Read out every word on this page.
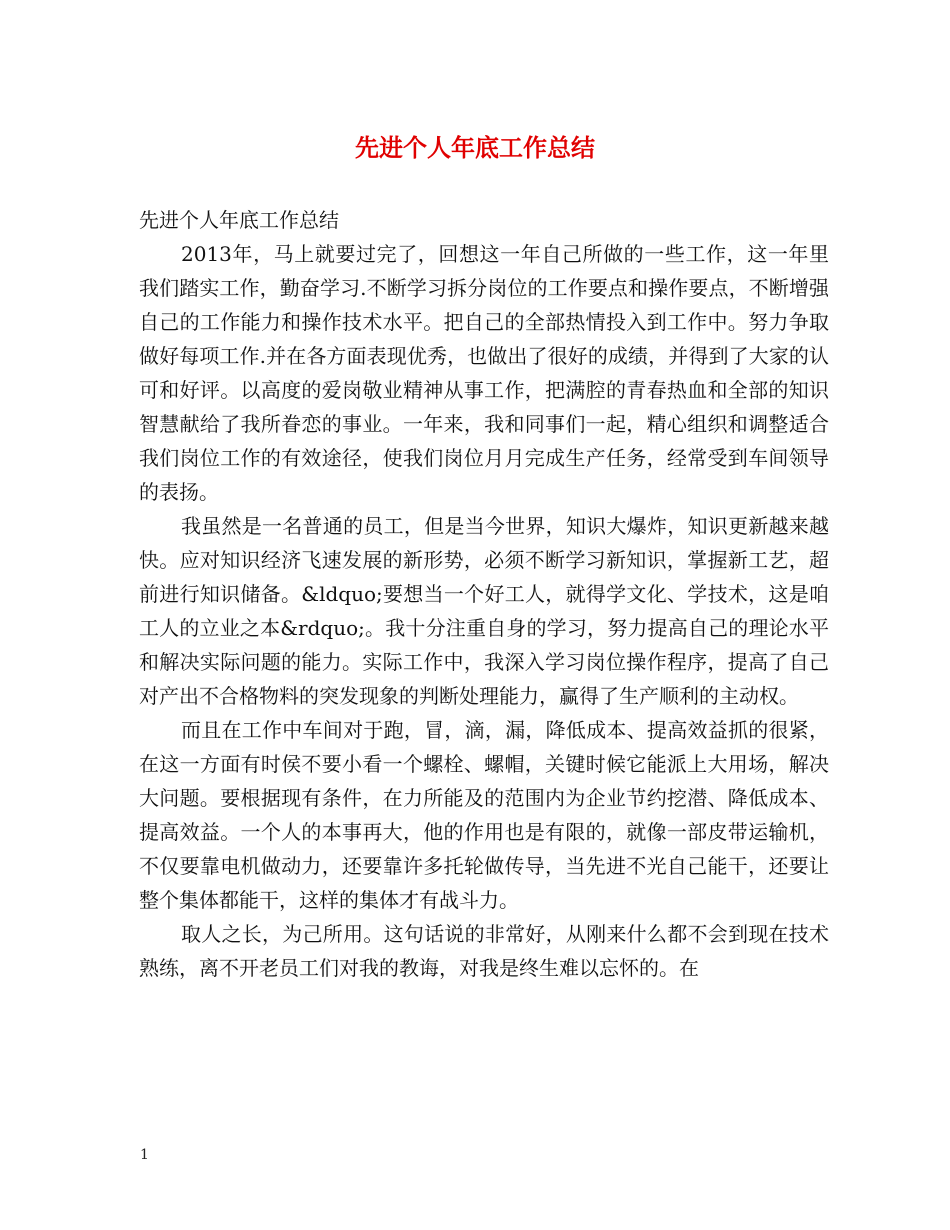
先进个人年底工作总结

先进个人年底工作总结

2013年，马上就要过完了，回想这一年自己所做的一些工作，这一年里我们踏实工作，勤奋学习.不断学习拆分岗位的工作要点和操作要点，不断增强自己的工作能力和操作技术水平。把自己的全部热情投入到工作中。努力争取做好每项工作.并在各方面表现优秀，也做出了很好的成绩，并得到了大家的认可和好评。以高度的爱岗敬业精神从事工作，把满腔的青春热血和全部的知识智慧献给了我所眷恋的事业。一年来，我和同事们一起，精心组织和调整适合我们岗位工作的有效途径，使我们岗位月月完成生产任务，经常受到车间领导的表扬。

我虽然是一名普通的员工，但是当今世界，知识大爆炸，知识更新越来越快。应对知识经济飞速发展的新形势，必须不断学习新知识，掌握新工艺，超前进行知识储备。&ldquo;要想当一个好工人，就得学文化、学技术，这是咱工人的立业之本&rdquo;。我十分注重自身的学习，努力提高自己的理论水平和解决实际问题的能力。实际工作中，我深入学习岗位操作程序，提高了自己对产出不合格物料的突发现象的判断处理能力，赢得了生产顺利的主动权。

而且在工作中车间对于跑，冒，滴，漏，降低成本、提高效益抓的很紧，在这一方面有时侯不要小看一个螺栓、螺帽，关键时候它能派上大用场，解决大问题。要根据现有条件，在力所能及的范围内为企业节约挖潜、降低成本、提高效益。一个人的本事再大，他的作用也是有限的，就像一部皮带运输机，不仅要靠电机做动力，还要靠许多托轮做传导，当先进不光自己能干，还要让整个集体都能干，这样的集体才有战斗力。

取人之长，为己所用。这句话说的非常好，从刚来什么都不会到现在技术熟练，离不开老员工们对我的教诲，对我是终生难以忘怀的。在

1
